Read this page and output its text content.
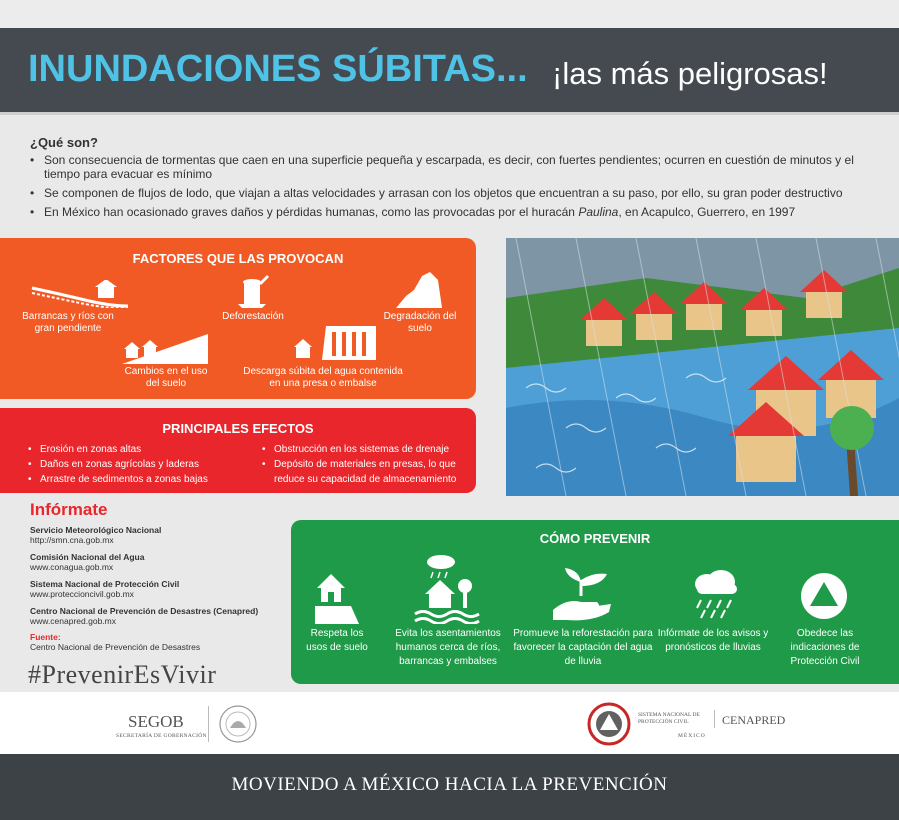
INUNDACIONES SÚBITAS... ¡las más peligrosas!
¿Qué son?
• Son consecuencia de tormentas que caen en una superficie pequeña y escarpada, es decir, con fuertes pendientes; ocurren en cuestión de minutos y el tiempo para evacuar es mínimo
• Se componen de flujos de lodo, que viajan a altas velocidades y arrasan con los objetos que encuentran a su paso, por ello, su gran poder destructivo
• En México han ocasionado graves daños y pérdidas humanas, como las provocadas por el huracán Paulina, en Acapulco, Guerrero, en 1997
FACTORES QUE LAS PROVOCAN
Barrancas y ríos con gran pendiente
Deforestación	Degradación del suelo
Cambios en el uso del suelo
Descarga súbita del agua contenida en una presa o embalse
PRINCIPALES EFECTOS
• Erosión en zonas altas
• Daños en zonas agrícolas y laderas
• Arrastre de sedimentos a zonas bajas
• Obstrucción en los sistemas de drenaje
• Depósito de materiales en presas, lo que reduce su capacidad de almacenamiento
Infórmate
Servicio Meteorológico Nacional
http://smn.cna.gob.mx
Comisión Nacional del Agua
www.conagua.gob.mx
Sistema Nacional de Protección Civil
www.proteccioncivil.gob.mx
Centro Nacional de Prevención de Desastres (Cenapred)
www.cenapred.gob.mx
Fuente:
Centro Nacional de Prevención de Desastres
#PrevenirEsVivir
CÓMO PREVENIR
Respeta los usos de suelo
Evita los asentamientos humanos cerca de ríos, barrancas y embalses
Promueve la reforestación para favorecer la captación del agua de lluvia
Infórmate de los avisos y pronósticos de lluvias
Obedece las indicaciones de Protección Civil
SEGOB
SECRETARÍA DE GOBERNACIÓN
SISTEMA NACIONAL DE PROTECCIÓN CIVIL	CENAPRED
MÉXICO
MOVIENDO A MÉXICO HACIA LA PREVENCIÓN
